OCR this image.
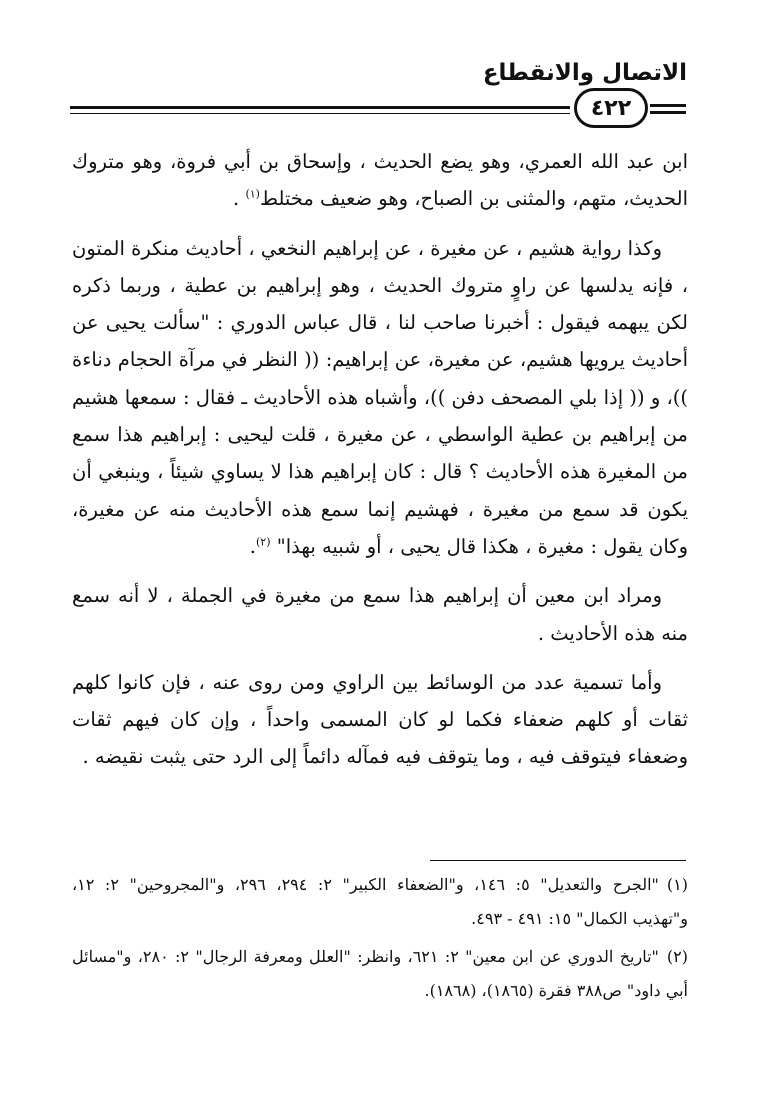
الاتصال والانقطاع
٤٢٢

ابن عبد الله العمري، وهو يضع الحديث ، وإسحاق بن أبي فروة، وهو متروك الحديث، متهم، والمثنى بن الصباح، وهو ضعيف مختلط$^{(١)}$ .

وكذا رواية هشيم ، عن مغيرة ، عن إبراهيم النخعي ، أحاديث منكرة المتون ، فإنه يدلسها عن راوٍ متروك الحديث ، وهو إبراهيم بن عطية ، وربما ذكره لكن يبهمه فيقول : أخبرنا صاحب لنا ، قال عباس الدوري : "سألت يحيى عن أحاديث يرويها هشيم، عن مغيرة، عن إبراهيم: (( النظر في مرآة الحجام دناءة ))، و (( إذا بلي المصحف دفن ))، وأشباه هذه الأحاديث ـ فقال : سمعها هشيم من إبراهيم بن عطية الواسطي ، عن مغيرة ، قلت ليحيى : إبراهيم هذا سمع من المغيرة هذه الأحاديث ؟ قال : كان إبراهيم هذا لا يساوي شيئاً ، وينبغي أن يكون قد سمع من مغيرة ، فهشيم إنما سمع هذه الأحاديث منه عن مغيرة، وكان يقول : مغيرة ، هكذا قال يحيى ، أو شبيه بهذا" $^{(٢)}$.

ومراد ابن معين أن إبراهيم هذا سمع من مغيرة في الجملة ، لا أنه سمع منه هذه الأحاديث .

وأما تسمية عدد من الوسائط بين الراوي ومن روى عنه ، فإن كانوا كلهم ثقات أو كلهم ضعفاء فكما لو كان المسمى واحداً ، وإن كان فيهم ثقات وضعفاء فيتوقف فيه ، وما يتوقف فيه فمآله دائماً إلى الرد حتى يثبت نقيضه .

(١)"الجرح والتعديل" ٥: ١٤٦، و"الضعفاء الكبير" ٢: ٢٩٤، ٢٩٦، و"المجروحين" ٢: ١٢، و"تهذيب الكمال" ١٥: ٤٩١ - ٤٩٣.
(٢)"تاريخ الدوري عن ابن معين" ٢: ٦٢١، وانظر: "العلل ومعرفة الرجال" ٢: ٢٨٠، و"مسائل أبي داود" ص٣٨٨ فقرة (١٨٦٥)، (١٨٦٨).
